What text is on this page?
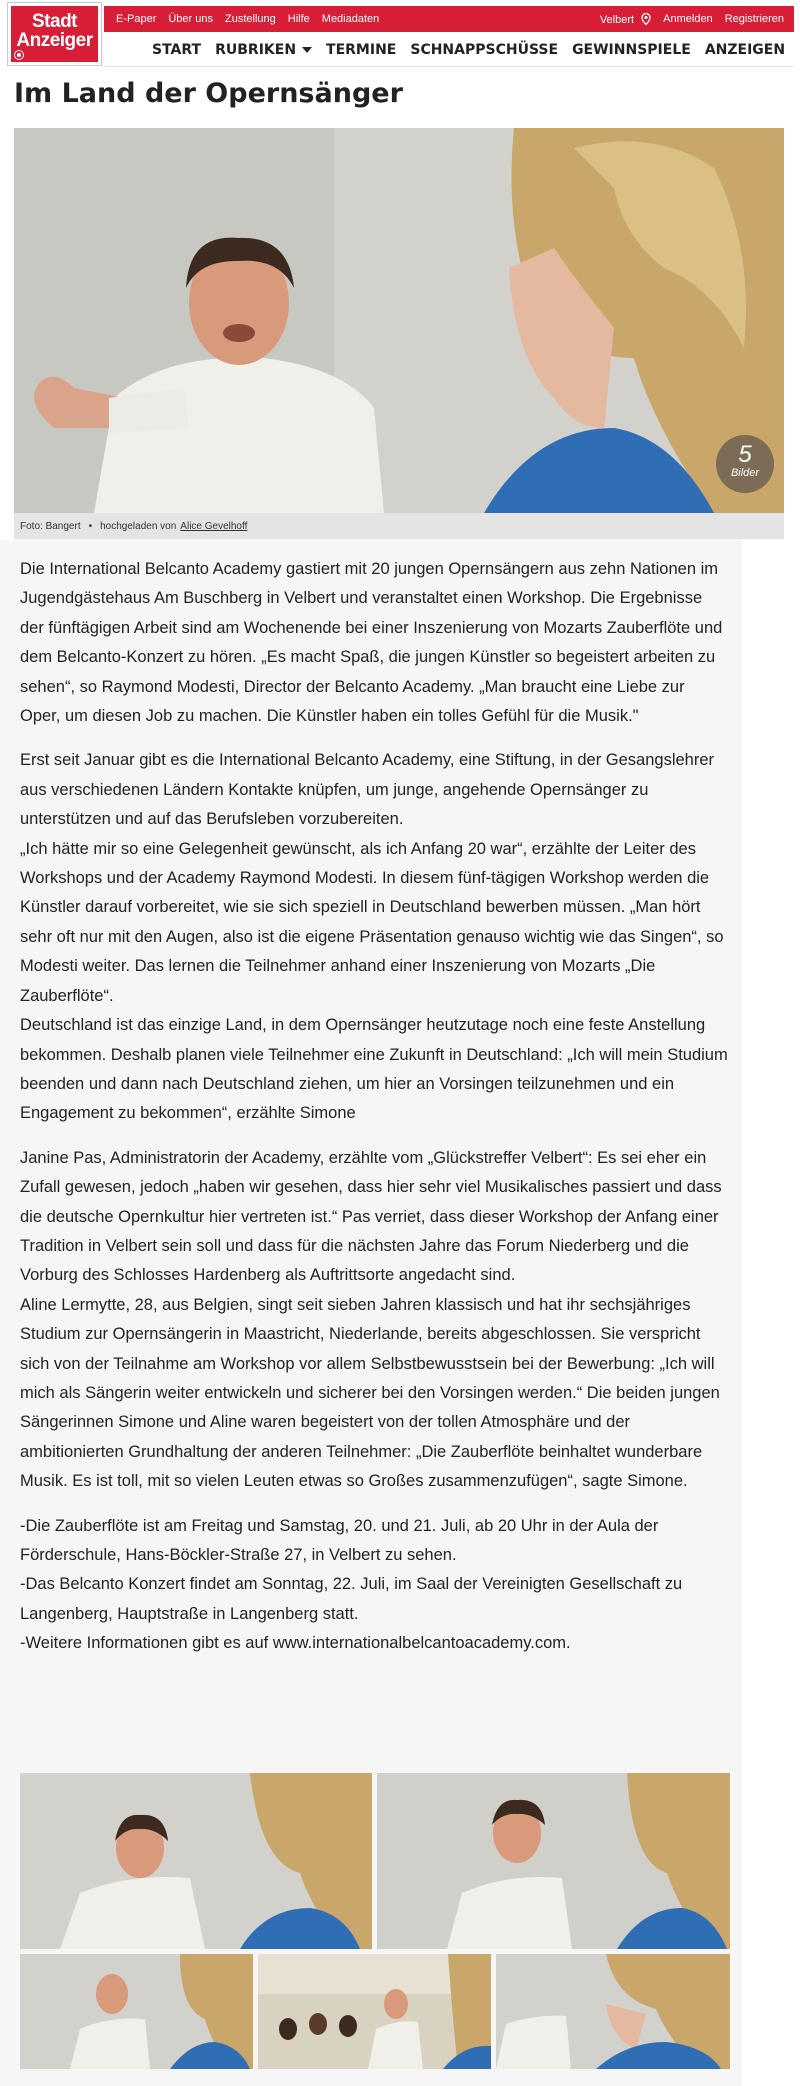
Stadt
Anzeiger
E-Paper Über uns Zustellung Hilfe Mediadaten	Velbert	Anmelden Registrieren
START RUBRIKEN TERMINE SCHNAPPSCHÜSSE GEWINNSPIELE ANZEIGEN
Im Land der Opernsänger
5
Bilder
Foto: Bangert • hochgeladen von Alice Gevelhoff

Die International Belcanto Academy gastiert mit 20 jungen Opernsängern aus zehn Nationen im Jugendgästehaus Am Buschberg in Velbert und veranstaltet einen Workshop. Die Ergebnisse der fünftägigen Arbeit sind am Wochenende bei einer Inszenierung von Mozarts Zauberflöte und dem Belcanto-Konzert zu hören. „Es macht Spaß, die jungen Künstler so begeistert arbeiten zu sehen“, so Raymond Modesti, Director der Belcanto Academy. „Man braucht eine Liebe zur Oper, um diesen Job zu machen. Die Künstler haben ein tolles Gefühl für die Musik."

Erst seit Januar gibt es die International Belcanto Academy, eine Stiftung, in der Gesangslehrer aus verschiedenen Ländern Kontakte knüpfen, um junge, angehende Opernsänger zu unterstützen und auf das Berufsleben vorzubereiten.
„Ich hätte mir so eine Gelegenheit gewünscht, als ich Anfang 20 war“, erzählte der Leiter des Workshops und der Academy Raymond Modesti. In diesem fünf-tägigen Workshop werden die Künstler darauf vorbereitet, wie sie sich speziell in Deutschland bewerben müssen. „Man hört sehr oft nur mit den Augen, also ist die eigene Präsentation genauso wichtig wie das Singen“, so Modesti weiter. Das lernen die Teilnehmer anhand einer Inszenierung von Mozarts „Die Zauberflöte“.
Deutschland ist das einzige Land, in dem Opernsänger heutzutage noch eine feste Anstellung bekommen. Deshalb planen viele Teilnehmer eine Zukunft in Deutschland: „Ich will mein Studium beenden und dann nach Deutschland ziehen, um hier an Vorsingen teilzunehmen und ein Engagement zu bekommen“, erzählte Simone

Janine Pas, Administratorin der Academy, erzählte vom „Glückstreffer Velbert“: Es sei eher ein Zufall gewesen, jedoch „haben wir gesehen, dass hier sehr viel Musikalisches passiert und dass die deutsche Opernkultur hier vertreten ist.“ Pas verriet, dass dieser Workshop der Anfang einer Tradition in Velbert sein soll und dass für die nächsten Jahre das Forum Niederberg und die Vorburg des Schlosses Hardenberg als Auftrittsorte angedacht sind.
Aline Lermytte, 28, aus Belgien, singt seit sieben Jahren klassisch und hat ihr sechsjähriges Studium zur Opernsängerin in Maastricht, Niederlande, bereits abgeschlossen. Sie verspricht sich von der Teilnahme am Workshop vor allem Selbstbewusstsein bei der Bewerbung: „Ich will mich als Sängerin weiter entwickeln und sicherer bei den Vorsingen werden.“ Die beiden jungen Sängerinnen Simone und Aline waren begeistert von der tollen Atmosphäre und der ambitionierten Grundhaltung der anderen Teilnehmer: „Die Zauberflöte beinhaltet wunderbare Musik. Es ist toll, mit so vielen Leuten etwas so Großes zusammenzufügen“, sagte Simone.

-Die Zauberflöte ist am Freitag und Samstag, 20. und 21. Juli, ab 20 Uhr in der Aula der Förderschule, Hans-Böckler-Straße 27, in Velbert zu sehen.
-Das Belcanto Konzert findet am Sonntag, 22. Juli, im Saal der Vereinigten Gesellschaft zu Langenberg, Hauptstraße in Langenberg statt.
-Weitere Informationen gibt es auf www.internationalbelcantoacademy.com.
